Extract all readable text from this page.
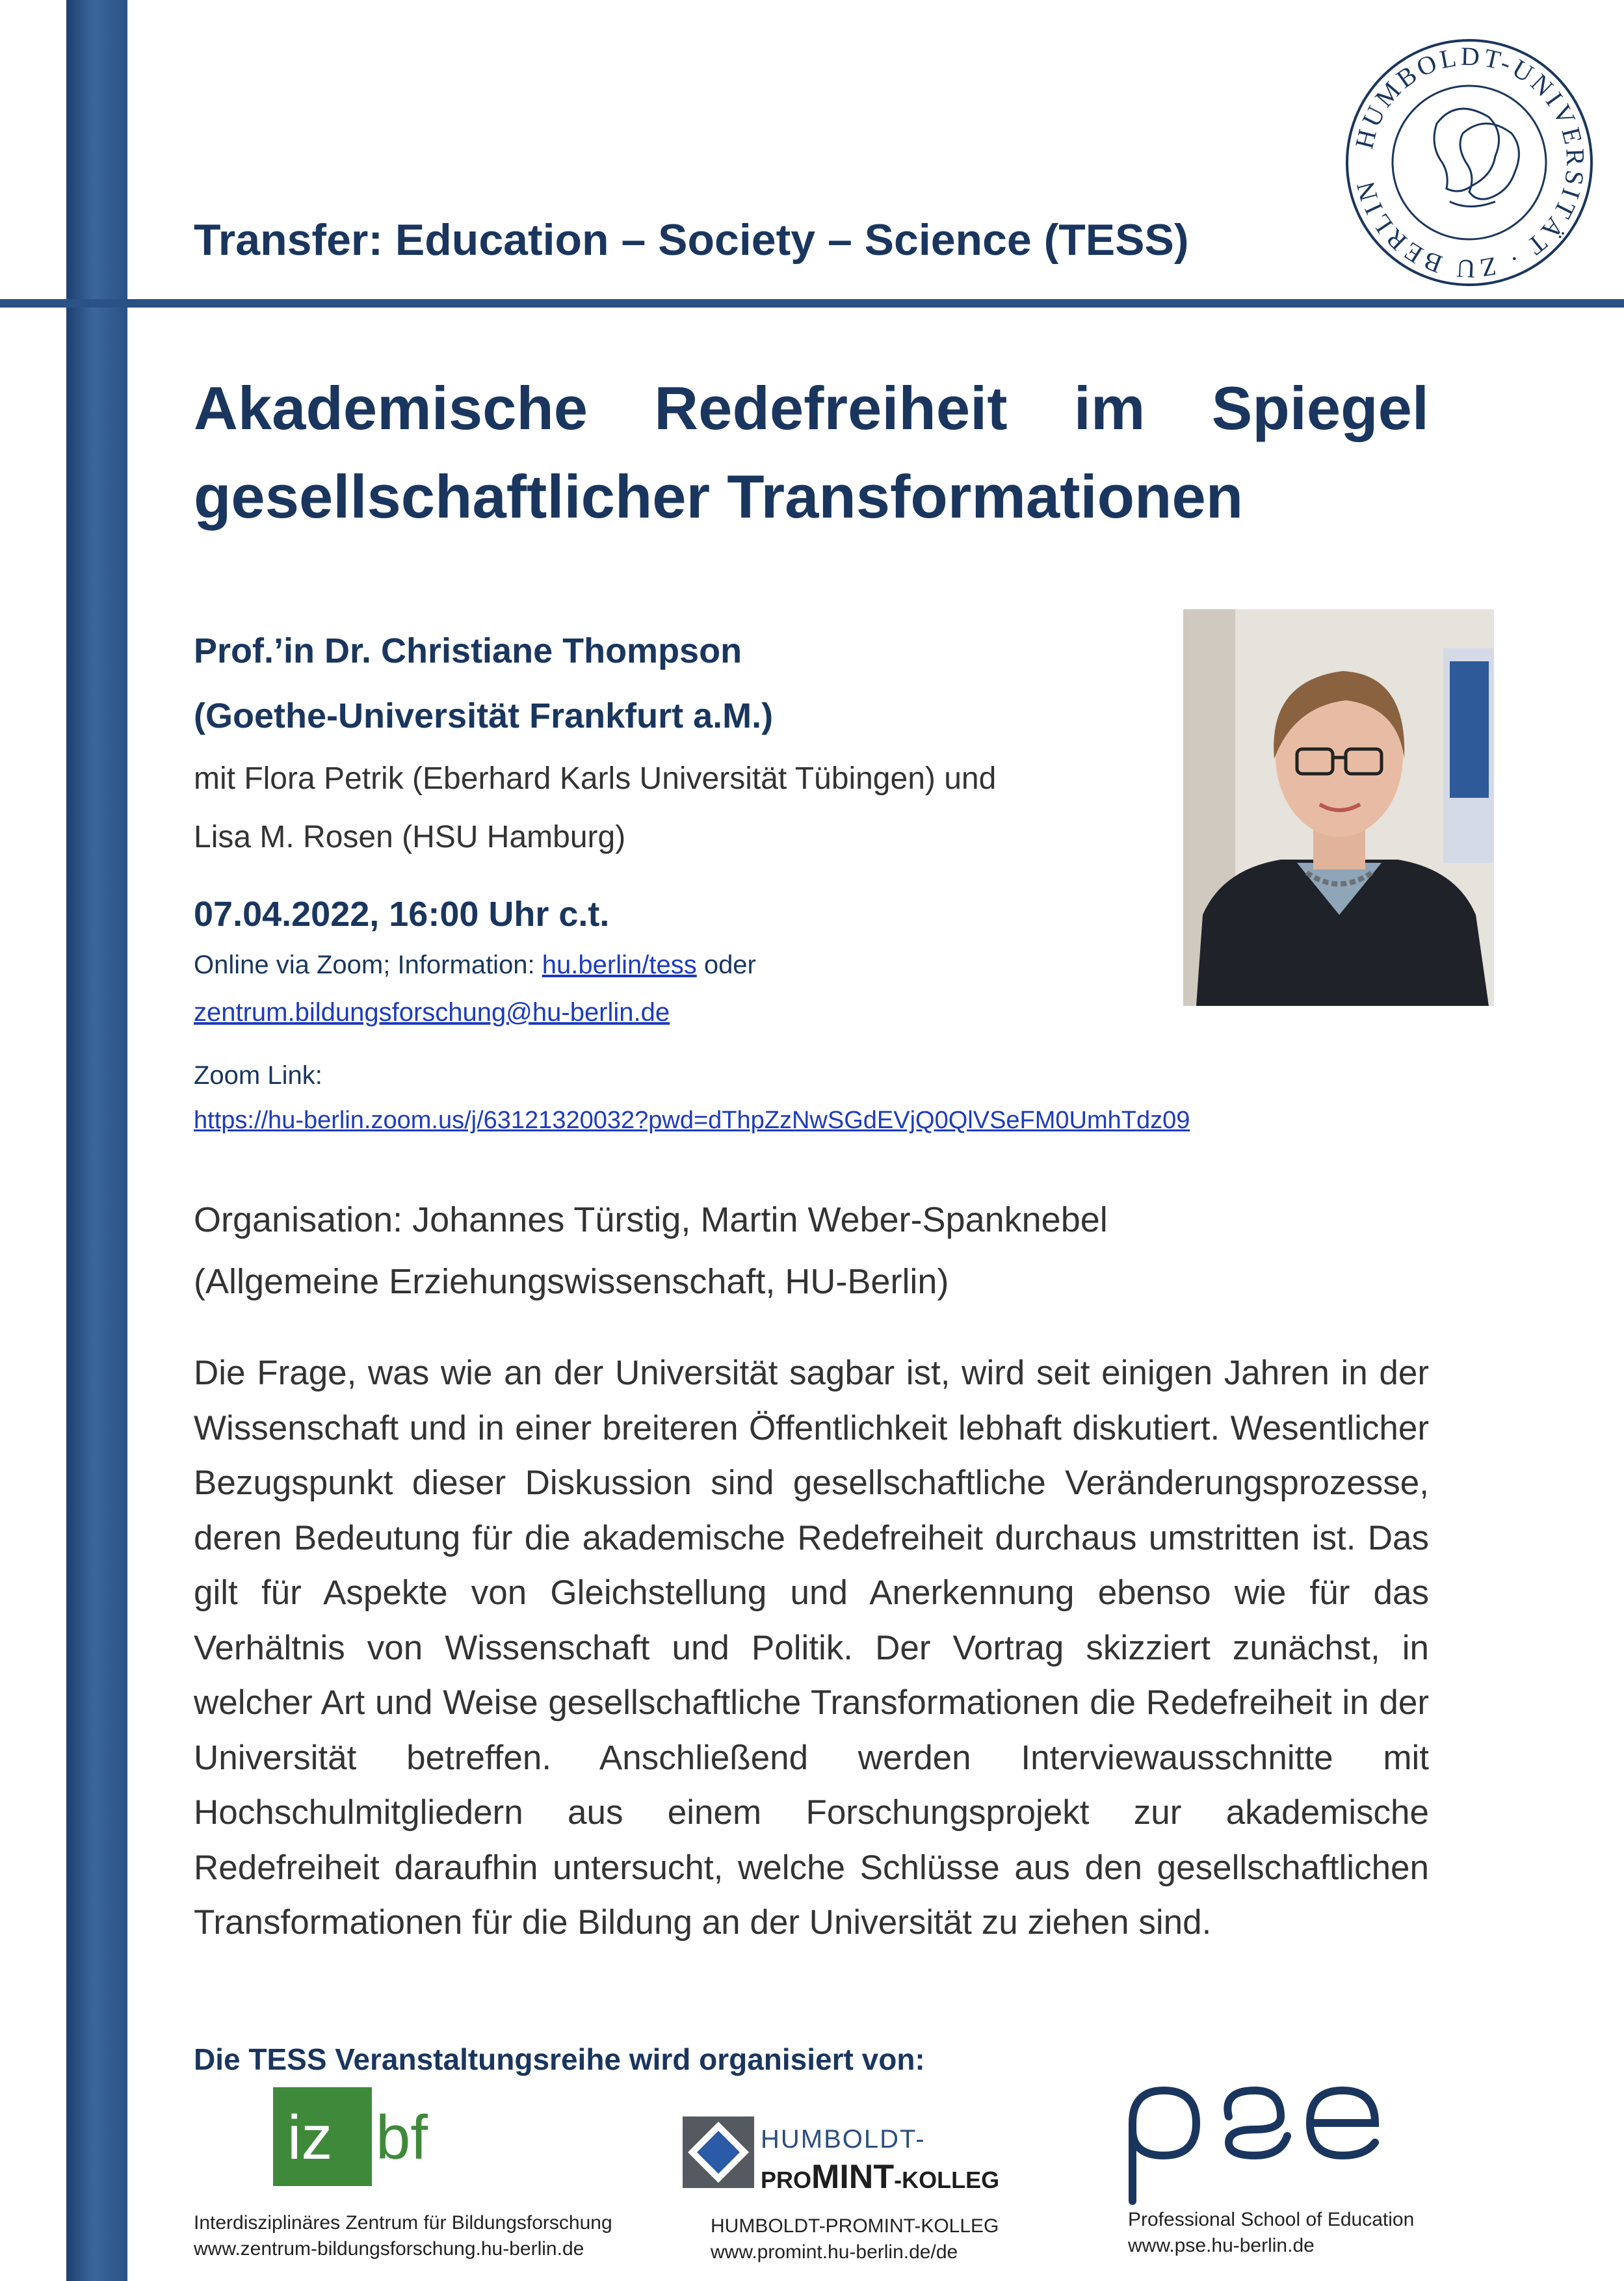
Transfer: Education – Society – Science (TESS)
HUMBOLDT-UNIVERSITÄT · ZU BERLIN
Akademische Redefreiheit im Spiegel gesellschaftlicher Transformationen
Prof.’in Dr. Christiane Thompson
(Goethe-Universität Frankfurt a.M.)
mit Flora Petrik (Eberhard Karls Universität Tübingen) und
Lisa M. Rosen (HSU Hamburg)
07.04.2022, 16:00 Uhr c.t.
Online via Zoom; Information: hu.berlin/tess oder
zentrum.bildungsforschung@hu-berlin.de
Zoom Link:
https://hu-berlin.zoom.us/j/63121320032?pwd=dThpZzNwSGdEVjQ0QlVSeFM0UmhTdz09
Organisation: Johannes Türstig, Martin Weber-Spanknebel
(Allgemeine Erziehungswissenschaft, HU-Berlin)

Die Frage, was wie an der Universität sagbar ist, wird seit einigen Jahren in der Wissenschaft und in einer breiteren Öffentlichkeit lebhaft diskutiert. Wesentlicher Bezugspunkt dieser Diskussion sind gesellschaftliche Veränderungsprozesse, deren Bedeutung für die akademische Redefreiheit durchaus umstritten ist. Das gilt für Aspekte von Gleichstellung und Anerkennung ebenso wie für das Verhältnis von Wissenschaft und Politik. Der Vortrag skizziert zunächst, in welcher Art und Weise gesellschaftliche Transformationen die Redefreiheit in der Universität betreffen. Anschließend werden Interviewausschnitte mit Hochschulmitgliedern aus einem Forschungsprojekt zur akademische Redefreiheit daraufhin untersucht, welche Schlüsse aus den gesellschaftlichen Transformationen für die Bildung an der Universität zu ziehen sind.

Die TESS Veranstaltungsreihe wird organisiert von:
iz bf
Interdisziplinäres Zentrum für Bildungsforschung
www.zentrum-bildungsforschung.hu-berlin.de
HUMBOLDT-
PROMINT-KOLLEG
HUMBOLDT-PROMINT-KOLLEG
www.promint.hu-berlin.de/de
Professional School of Education
www.pse.hu-berlin.de
